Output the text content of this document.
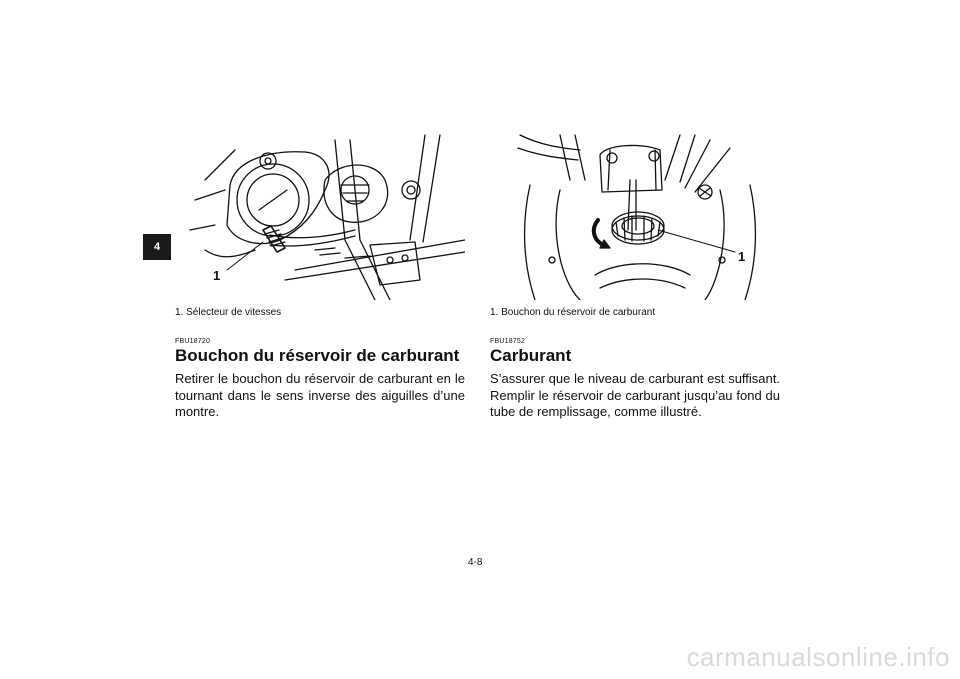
4
1
1. Sélecteur de vitesses
FBU18720
Bouchon du réservoir de carburant

Retirer le bouchon du réservoir de carburant en le tournant dans le sens inverse des aiguilles d’une montre.

1
1. Bouchon du réservoir de carburant
FBU18752
Carburant

S’assurer que le niveau de carburant est suffisant. Remplir le réservoir de carburant jusqu’au fond du tube de remplissage, comme illustré.

4-8
carmanualsonline.info
